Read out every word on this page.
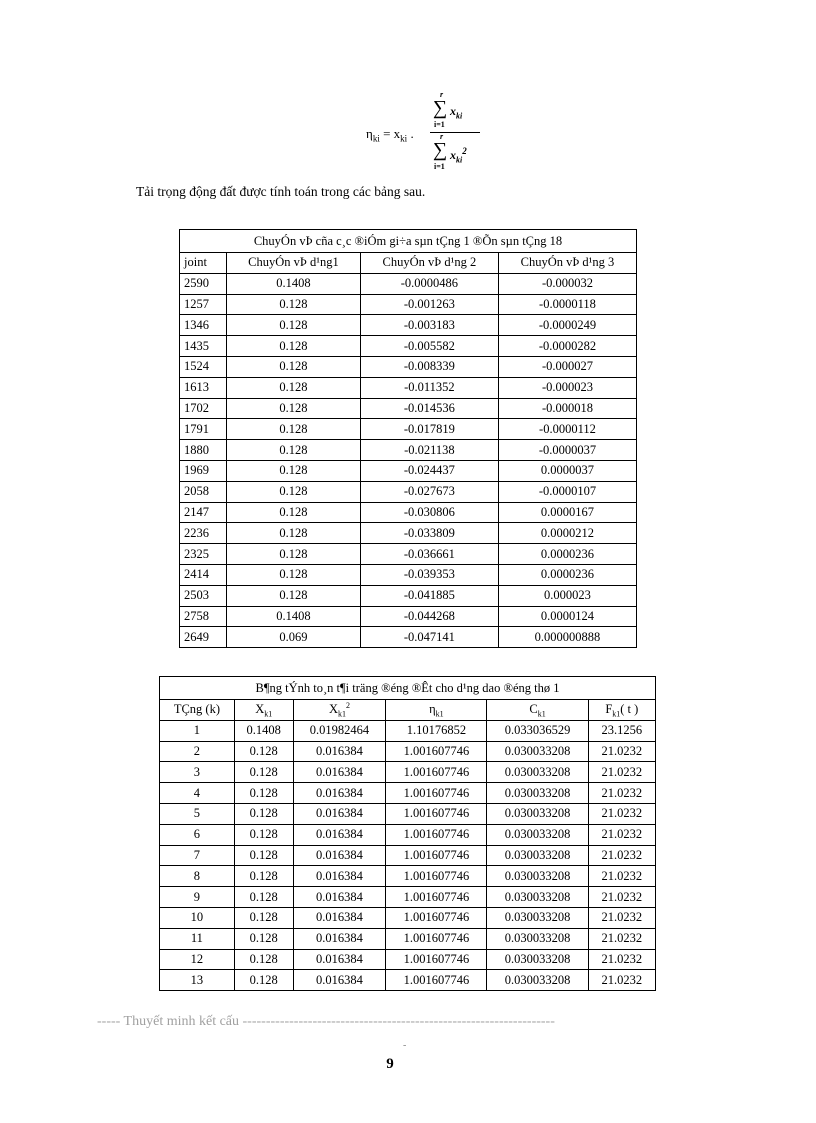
$\eta_{ki} = x_{ki}$ .
r
∑
i=1
$x_{ki}$
r
∑
i=1
$x_{ki}^2$
Tải trọng động đất được tính toán trong các bảng sau.
ChuyÓn vÞ cña c¸c ®iÓm gi÷a sµn tÇng 1 ®Õn sµn tÇng 18			
joint	ChuyÓn vÞ d¹ng1	ChuyÓn vÞ d¹ng 2	ChuyÓn vÞ d¹ng 3
2590	0.1408	-0.0000486	-0.000032
1257	0.128	-0.001263	-0.0000118
1346	0.128	-0.003183	-0.0000249
1435	0.128	-0.005582	-0.0000282
1524	0.128	-0.008339	-0.000027
1613	0.128	-0.011352	-0.000023
1702	0.128	-0.014536	-0.000018
1791	0.128	-0.017819	-0.0000112
1880	0.128	-0.021138	-0.0000037
1969	0.128	-0.024437	0.0000037
2058	0.128	-0.027673	-0.0000107
2147	0.128	-0.030806	0.0000167
2236	0.128	-0.033809	0.0000212
2325	0.128	-0.036661	0.0000236
2414	0.128	-0.039353	0.0000236
2503	0.128	-0.041885	0.000023
2758	0.1408	-0.044268	0.0000124
2649	0.069	-0.047141	0.000000888
B¶ng tÝnh to¸n t¶i träng ®éng ®Êt cho d¹ng dao ®éng thø 1					
TÇng (k)	$X_{k1}$	$X_{k1}^2$	$\eta_{k1}$	$C_{k1}$	$F_{k1}$( t )
1	0.1408	0.01982464	1.10176852	0.033036529	23.1256
2	0.128	0.016384	1.001607746	0.030033208	21.0232
3	0.128	0.016384	1.001607746	0.030033208	21.0232
4	0.128	0.016384	1.001607746	0.030033208	21.0232
5	0.128	0.016384	1.001607746	0.030033208	21.0232
6	0.128	0.016384	1.001607746	0.030033208	21.0232
7	0.128	0.016384	1.001607746	0.030033208	21.0232
8	0.128	0.016384	1.001607746	0.030033208	21.0232
9	0.128	0.016384	1.001607746	0.030033208	21.0232
10	0.128	0.016384	1.001607746	0.030033208	21.0232
11	0.128	0.016384	1.001607746	0.030033208	21.0232
12	0.128	0.016384	1.001607746	0.030033208	21.0232
13	0.128	0.016384	1.001607746	0.030033208	21.0232
----- Thuyết minh kết cấu -------------------------------------------------------------------
-
9
